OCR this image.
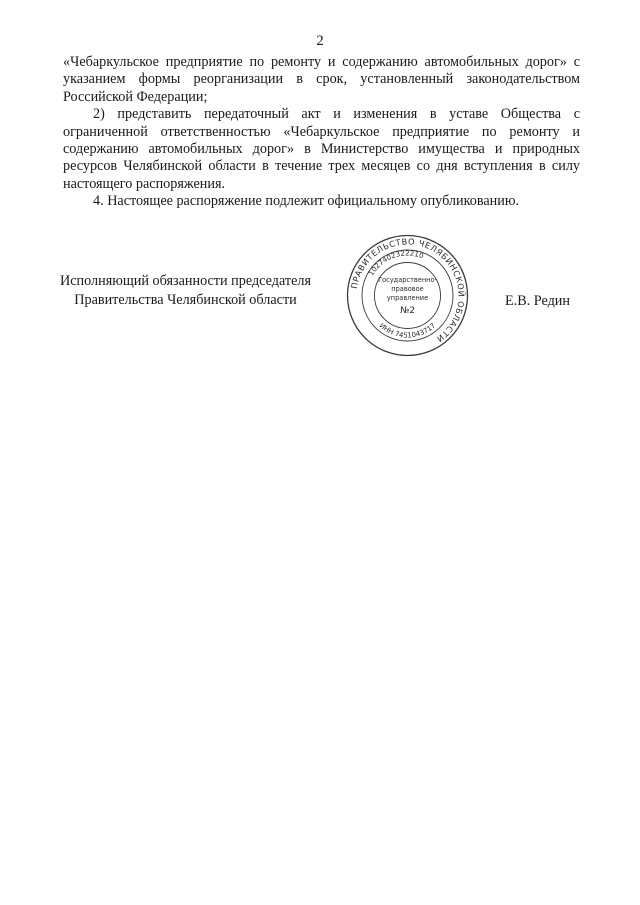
2

«Чебаркульское предприятие по ремонту и содержанию автомобильных дорог» с указанием формы реорганизации в срок, установленный законодательством Российской Федерации;

2) представить передаточный акт и изменения в уставе Общества с ограниченной ответственностью «Чебаркульское предприятие по ремонту и содержанию автомобильных дорог» в Министерство имущества и природных ресурсов Челябинской области в течение трех месяцев со дня вступления в силу настоящего распоряжения.

4. Настоящее распоряжение подлежит официальному опубликованию.

Исполняющий обязанности председателя
Правительства Челябинской области	Е.В. Редин
ПРАВИТЕЛЬСТВО ЧЕЛЯБИНСКОЙ ОБЛАСТИ
1027402322210
ИНН 7451043717
Государственно-
правовое
управление
№2
